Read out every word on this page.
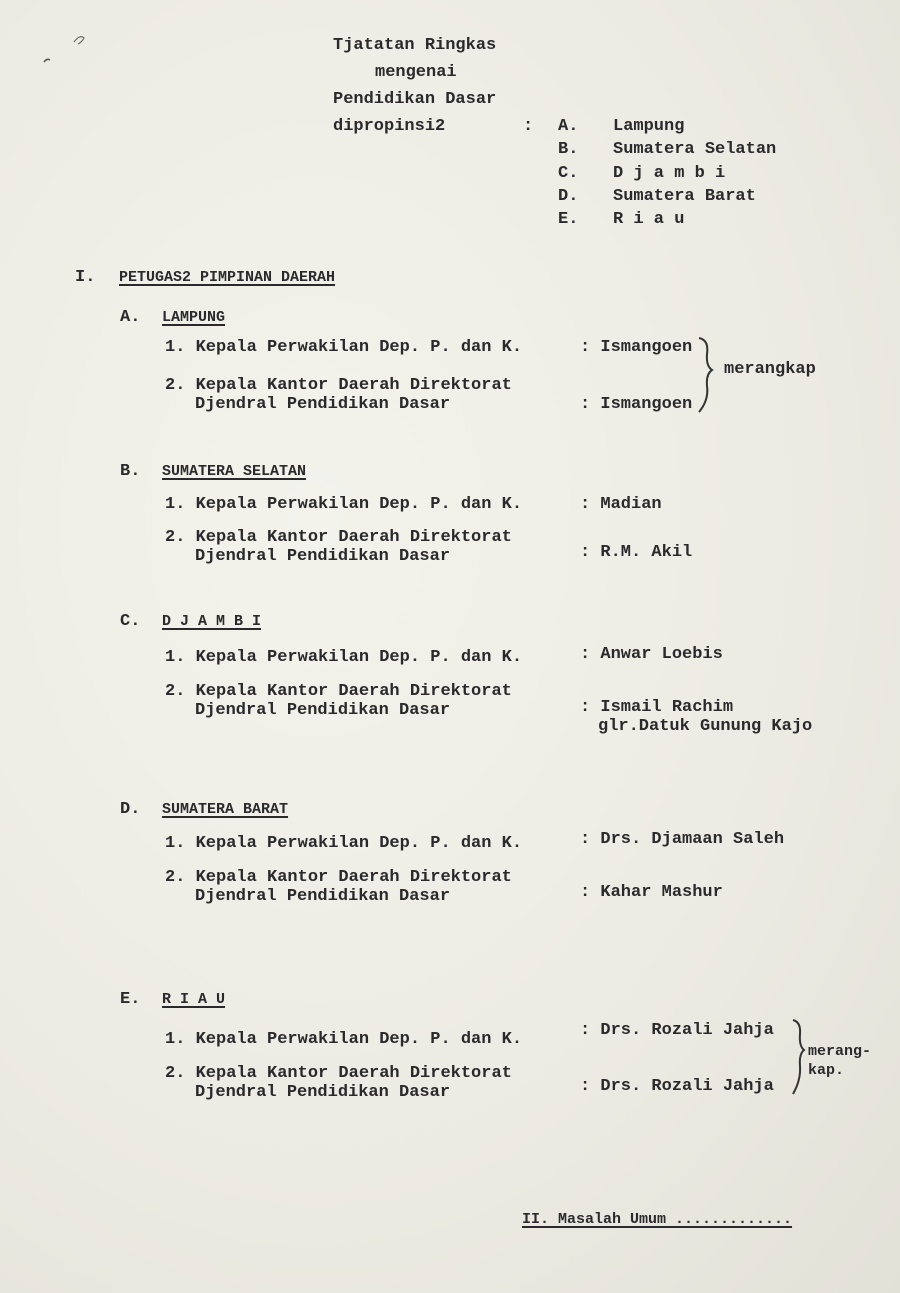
Tjatatan Ringkas
mengenai
Pendidikan Dasar
dipropinsi2	: A. Lampung
B. Sumatera Selatan
C. D j a m b i
D. Sumatera Barat
E. R i a u
I. PETUGAS2 PIMPINAN DAERAH
A. LAMPUNG
1. Kepala Perwakilan Dep. P. dan K.
2. Kepala Kantor Daerah Direktorat
Djendral Pendidikan Dasar
: Ismangoen
: Ismangoen
merangkap
B. SUMATERA SELATAN
1. Kepala Perwakilan Dep. P. dan K.
2. Kepala Kantor Daerah Direktorat
Djendral Pendidikan Dasar
: Madian
: R.M. Akil
C. D J A M B I
1. Kepala Perwakilan Dep. P. dan K.
2. Kepala Kantor Daerah Direktorat
Djendral Pendidikan Dasar
: Anwar Loebis
: Ismail Rachim
glr.Datuk Gunung Kajo
D. SUMATERA BARAT
1. Kepala Perwakilan Dep. P. dan K.
2. Kepala Kantor Daerah Direktorat
Djendral Pendidikan Dasar
: Drs. Djamaan Saleh
: Kahar Mashur
E. R I A U
1. Kepala Perwakilan Dep. P. dan K.
2. Kepala Kantor Daerah Direktorat
Djendral Pendidikan Dasar
: Drs. Rozali Jahja
: Drs. Rozali Jahja
merang-
kap.
II. Masalah Umum .............
